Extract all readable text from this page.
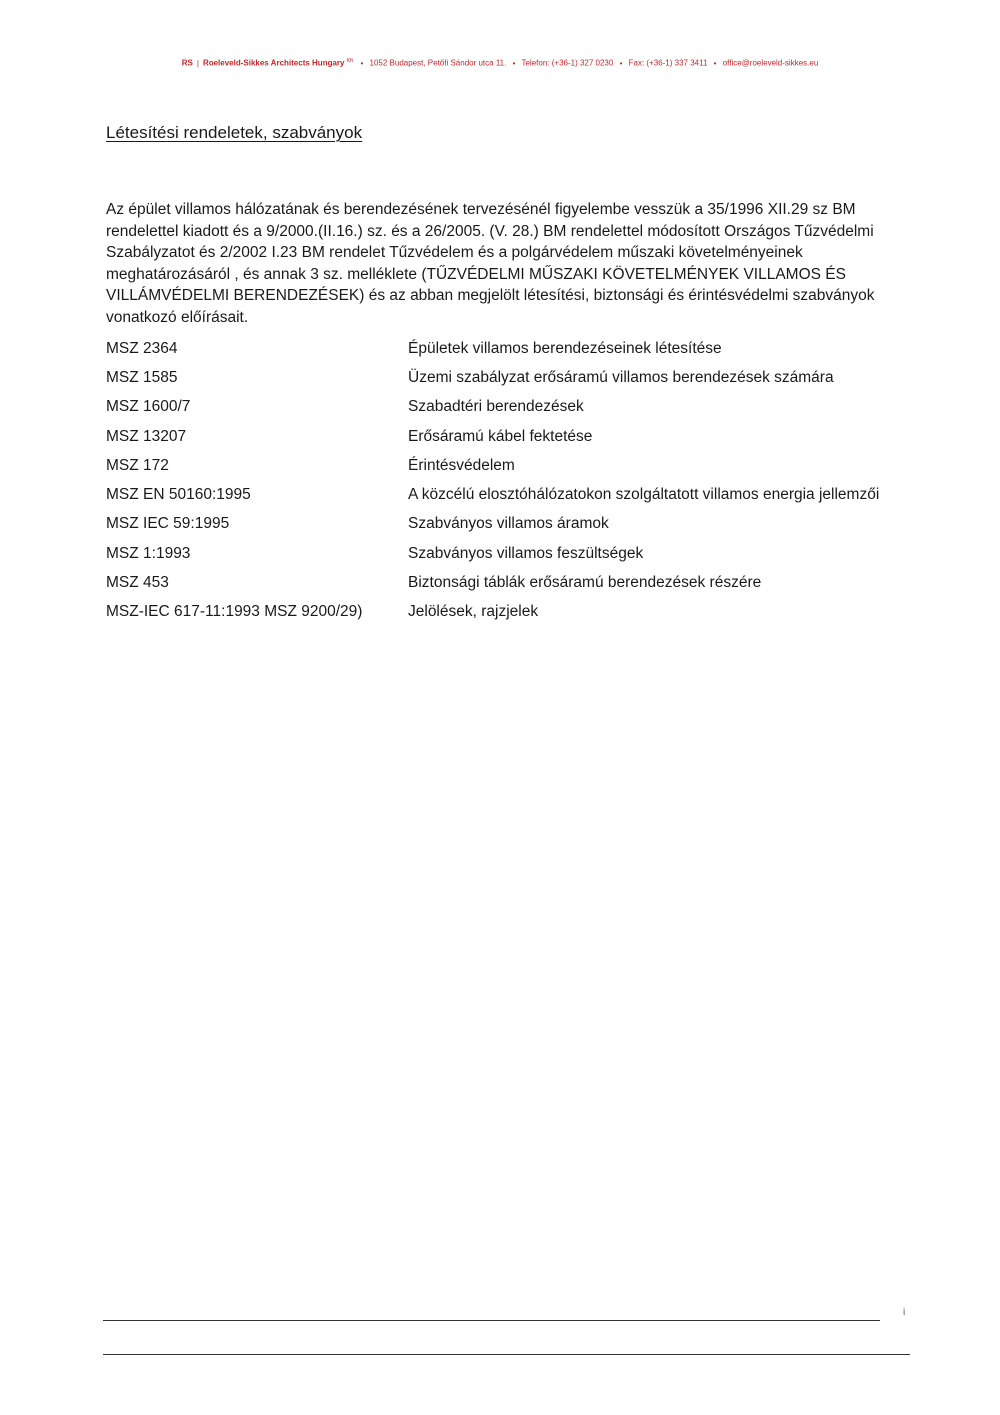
RS | Roeleveld-Sikkes Architects Hungary $^{Kft.}$ • 1052 Budapest, Petőfi Sándor utca 11. • Telefon: (+36-1) 327 0230 • Fax: (+36-1) 337 3411 • office@roeleveld-sikkes.eu
Létesítési rendeletek, szabványok
Az épület villamos hálózatának és berendezésének tervezésénél figyelembe vesszük a 35/1996 XII.29 sz BM rendelettel kiadott és a 9/2000.(II.16.) sz. és a 26/2005. (V. 28.) BM rendelettel módosított Országos Tűzvédelmi Szabályzatot és 2/2002 I.23 BM rendelet Tűzvédelem és a polgárvédelem műszaki követelményeinek meghatározásáról , és annak 3 sz. melléklete (TŰZVÉDELMI MŰSZAKI KÖVETELMÉNYEK VILLAMOS ÉS VILLÁMVÉDELMI BERENDEZÉSEK) és az abban megjelölt létesítési, biztonsági és érintésvédelmi szabványok vonatkozó előírásait.
MSZ 2364	Épületek villamos berendezéseinek létesítése
MSZ 1585	Üzemi szabályzat erősáramú villamos berendezések számára
MSZ 1600/7	Szabadtéri berendezések
MSZ 13207	Erősáramú kábel fektetése
MSZ 172	Érintésvédelem
MSZ EN 50160:1995	A közcélú elosztóhálózatokon szolgáltatott villamos energia jellemzői
MSZ IEC 59:1995	Szabványos villamos áramok
MSZ 1:1993	Szabványos villamos feszültségek
MSZ 453	Biztonsági táblák erősáramú berendezések részére
MSZ-IEC 617-11:1993 MSZ 9200/29)	Jelölések, rajzjelek
i
